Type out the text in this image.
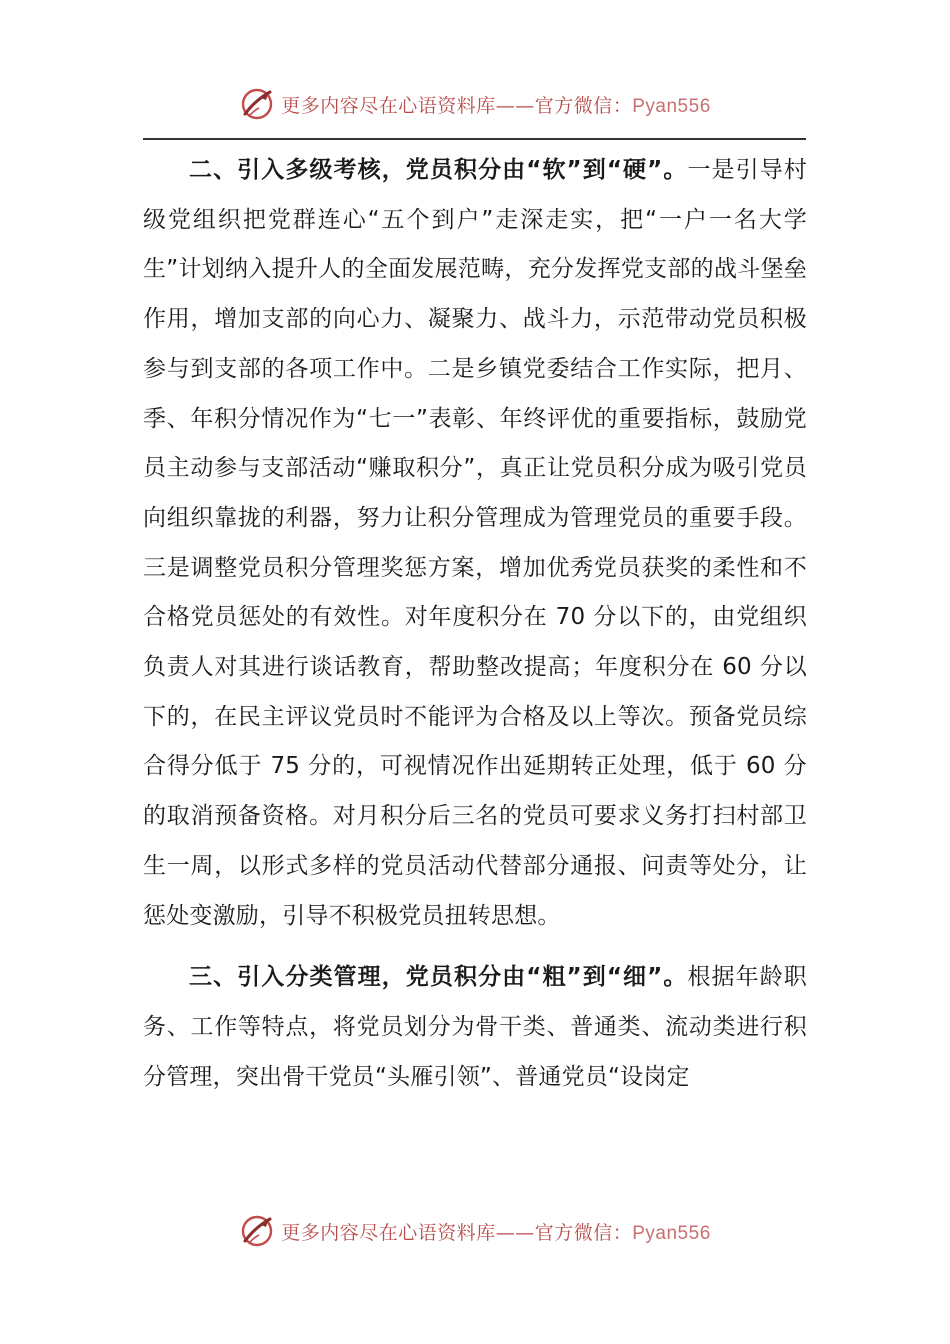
更多内容尽在心语资料库——官方微信：Pyan556

二、引入多级考核，党员积分由“软”到“硬”。一是引导村级党组织把党群连心“五个到户”走深走实，把“一户一名大学生”计划纳入提升人的全面发展范畴，充分发挥党支部的战斗堡垒作用，增加支部的向心力、凝聚力、战斗力，示范带动党员积极参与到支部的各项工作中。二是乡镇党委结合工作实际，把月、季、年积分情况作为“七一”表彰、年终评优的重要指标，鼓励党员主动参与支部活动“赚取积分”，真正让党员积分成为吸引党员向组织靠拢的利器，努力让积分管理成为管理党员的重要手段。三是调整党员积分管理奖惩方案，增加优秀党员获奖的柔性和不合格党员惩处的有效性。对年度积分在 70 分以下的，由党组织负责人对其进行谈话教育，帮助整改提高；年度积分在 60 分以下的，在民主评议党员时不能评为合格及以上等次。预备党员综合得分低于 75 分的，可视情况作出延期转正处理，低于 60 分的取消预备资格。对月积分后三名的党员可要求义务打扫村部卫生一周，以形式多样的党员活动代替部分通报、问责等处分，让惩处变激励，引导不积极党员扭转思想。

三、引入分类管理，党员积分由“粗”到“细”。根据年龄职务、工作等特点，将党员划分为骨干类、普通类、流动类进行积分管理，突出骨干党员“头雁引领”、普通党员“设岗定

更多内容尽在心语资料库——官方微信：Pyan556
